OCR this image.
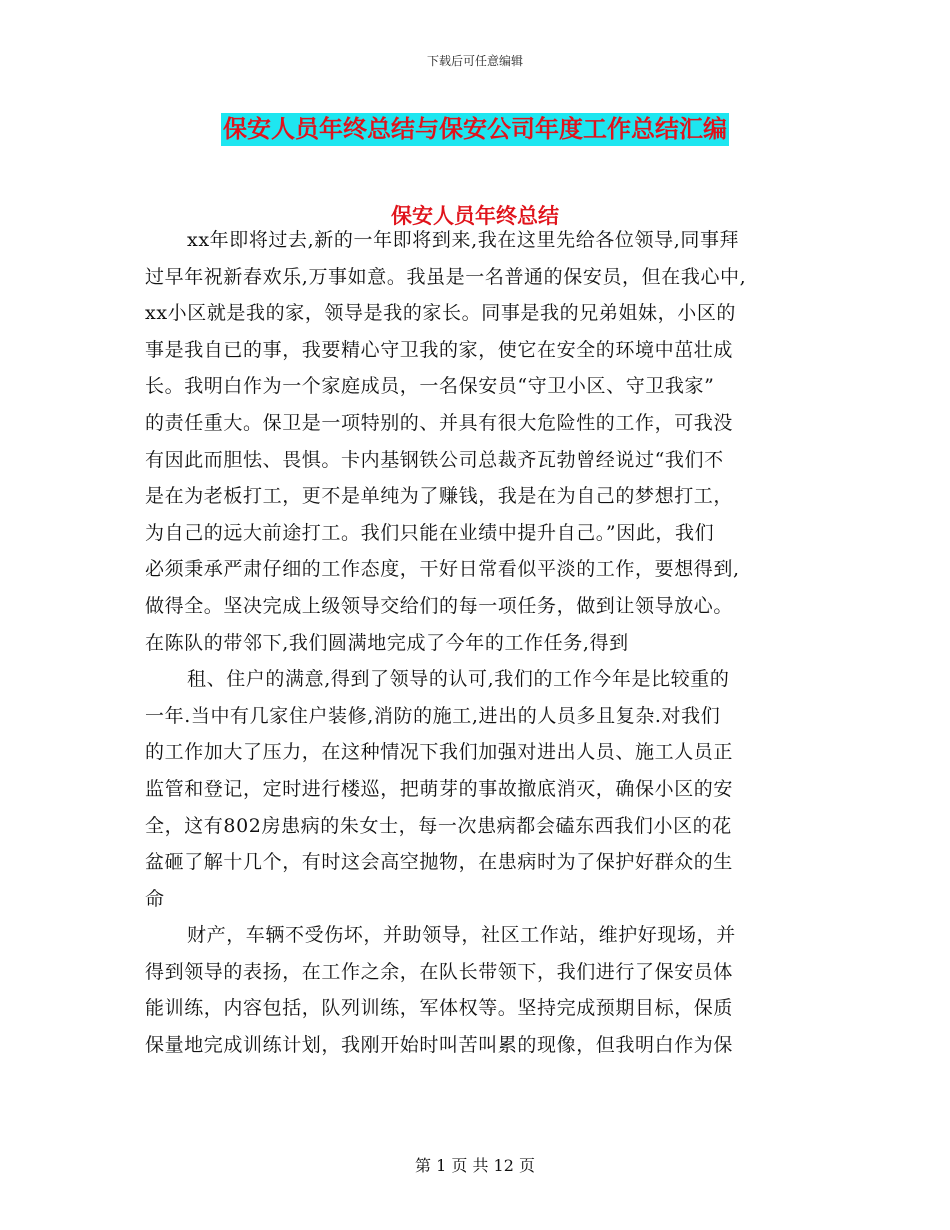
下载后可任意编辑
保安人员年终总结与保安公司年度工作总结汇编
保安人员年终总结
xx年即将过去,新的一年即将到来,我在这里先给各位领导,同事拜
过早年祝新春欢乐,万事如意。我虽是一名普通的保安员，但在我心中,
xx小区就是我的家，领导是我的家长。同事是我的兄弟姐妹，小区的
事是我自已的事，我要精心守卫我的家，使它在安全的环境中茁壮成
长。我明白作为一个家庭成员，一名保安员“守卫小区、守卫我家”
的责任重大。保卫是一项特别的、并具有很大危险性的工作，可我没
有因此而胆怯、畏惧。卡内基钢铁公司总裁齐瓦勃曾经说过“我们不
是在为老板打工，更不是单纯为了赚钱，我是在为自己的梦想打工，
为自己的远大前途打工。我们只能在业绩中提升自己。”因此，我们
必须秉承严肃仔细的工作态度，干好日常看似平淡的工作，要想得到,
做得全。坚决完成上级领导交给们的每一项任务，做到让领导放心。
在陈队的带邻下,我们圆满地完成了今年的工作任务,得到
租、住户的满意,得到了领导的认可,我们的工作今年是比较重的
一年.当中有几家住户装修,消防的施工,进出的人员多且复杂.对我们
的工作加大了压力，在这种情况下我们加强对进出人员、施工人员正
监管和登记，定时进行楼巡，把萌芽的事故撤底消灭，确保小区的安
全，这有802房患病的朱女士，每一次患病都会磕东西我们小区的花
盆砸了解十几个，有时这会高空抛物，在患病时为了保护好群众的生
命
财产，车辆不受伤坏，并助领导，社区工作站，维护好现场，并
得到领导的表扬，在工作之余，在队长带领下，我们进行了保安员体
能训练，内容包括，队列训练，军体权等。坚持完成预期目标，保质
保量地完成训练计划，我刚开始时叫苦叫累的现像，但我明白作为保
第 1 页 共 12 页
